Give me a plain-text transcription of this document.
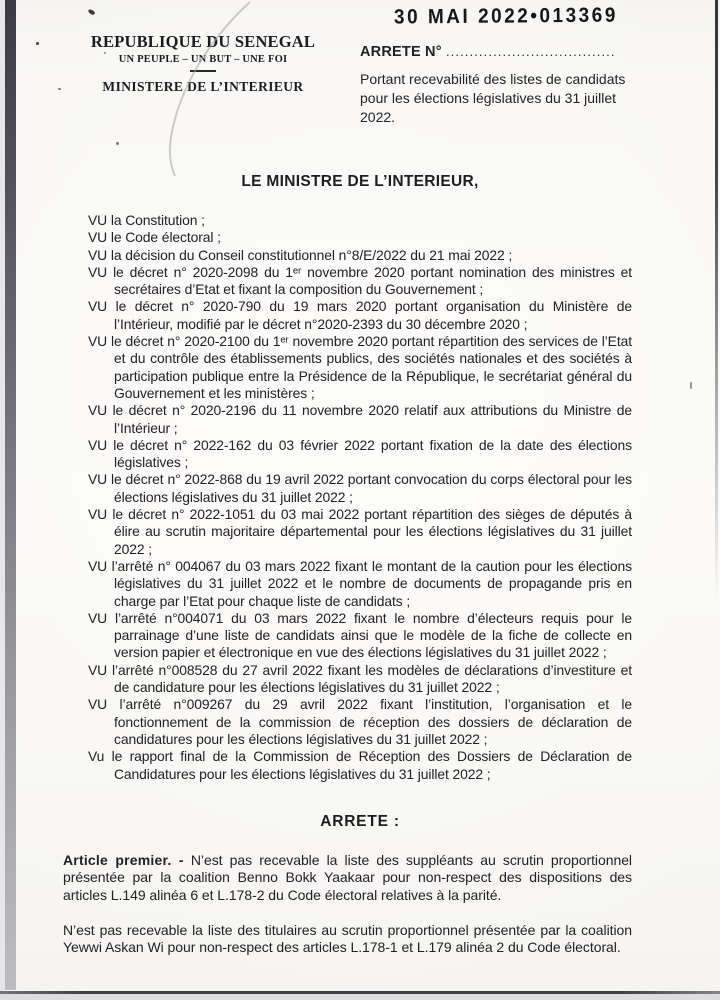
30 MAI 2022•013369
REPUBLIQUE DU SENEGAL
UN PEUPLE – UN BUT – UNE FOI
MINISTERE DE L’INTERIEUR
ARRETE N° ....................................
Portant recevabilité des listes de candidats pour les élections législatives du 31 juillet 2022.
LE MINISTRE DE L’INTERIEUR,
VU la Constitution ;
VU le Code électoral ;
VU la décision du Conseil constitutionnel n°8/E/2022 du 21 mai 2022 ;
VU le décret n° 2020-2098 du 1ᵉʳ novembre 2020 portant nomination des ministres et secrétaires d’Etat et fixant la composition du Gouvernement ;
VU le décret n° 2020-790 du 19 mars 2020 portant organisation du Ministère de l’Intérieur, modifié par le décret n°2020-2393 du 30 décembre 2020 ;
VU le décret n° 2020-2100 du 1ᵉʳ novembre 2020 portant répartition des services de l’Etat et du contrôle des établissements publics, des sociétés nationales et des sociétés à participation publique entre la Présidence de la République, le secrétariat général du Gouvernement et les ministères ;
VU le décret n° 2020-2196 du 11 novembre 2020 relatif aux attributions du Ministre de l’Intérieur ;
VU le décret n° 2022-162 du 03 février 2022 portant fixation de la date des élections législatives ;
VU le décret n° 2022-868 du 19 avril 2022 portant convocation du corps électoral pour les élections législatives du 31 juillet 2022 ;
VU le décret n° 2022-1051 du 03 mai 2022 portant répartition des sièges de députés à élire au scrutin majoritaire départemental pour les élections législatives du 31 juillet 2022 ;
VU l’arrêté n° 004067 du 03 mars 2022 fixant le montant de la caution pour les élections législatives du 31 juillet 2022 et le nombre de documents de propagande pris en charge par l’Etat pour chaque liste de candidats ;
VU l’arrêté n°004071 du 03 mars 2022 fixant le nombre d’électeurs requis pour le parrainage d’une liste de candidats ainsi que le modèle de la fiche de collecte en version papier et électronique en vue des élections législatives du 31 juillet 2022 ;
VU l’arrêté n°008528 du 27 avril 2022 fixant les modèles de déclarations d’investiture et de candidature pour les élections législatives du 31 juillet 2022 ;
VU l’arrêté n°009267 du 29 avril 2022 fixant l’institution, l’organisation et le fonctionnement de la commission de réception des dossiers de déclaration de candidatures pour les élections législatives du 31 juillet 2022 ;
Vu le rapport final de la Commission de Réception des Dossiers de Déclaration de Candidatures pour les élections législatives du 31 juillet 2022 ;
ARRETE :

Article premier. - N’est pas recevable la liste des suppléants au scrutin proportionnel présentée par la coalition Benno Bokk Yaakaar pour non-respect des dispositions des articles L.149 alinéa 6 et L.178-2 du Code électoral relatives à la parité.

N’est pas recevable la liste des titulaires au scrutin proportionnel présentée par la coalition Yewwi Askan Wi pour non-respect des articles L.178-1 et L.179 alinéa 2 du Code électoral.
